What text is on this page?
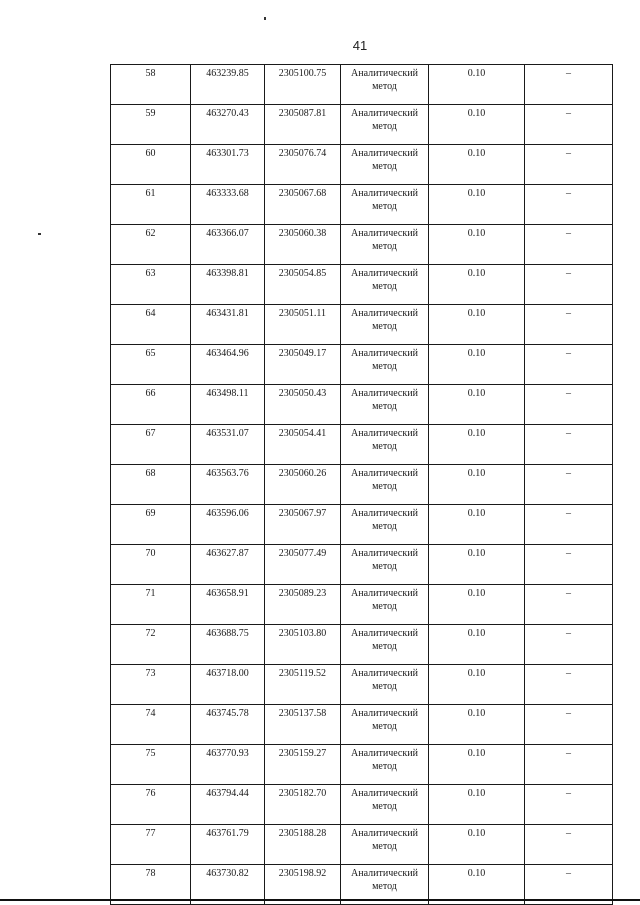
41
58	463239.85	2305100.75	Аналитический метод	0.10	–
59	463270.43	2305087.81	Аналитический метод	0.10	–
60	463301.73	2305076.74	Аналитический метод	0.10	–
61	463333.68	2305067.68	Аналитический метод	0.10	–
62	463366.07	2305060.38	Аналитический метод	0.10	–
63	463398.81	2305054.85	Аналитический метод	0.10	–
64	463431.81	2305051.11	Аналитический метод	0.10	–
65	463464.96	2305049.17	Аналитический метод	0.10	–
66	463498.11	2305050.43	Аналитический метод	0.10	–
67	463531.07	2305054.41	Аналитический метод	0.10	–
68	463563.76	2305060.26	Аналитический метод	0.10	–
69	463596.06	2305067.97	Аналитический метод	0.10	–
70	463627.87	2305077.49	Аналитический метод	0.10	–
71	463658.91	2305089.23	Аналитический метод	0.10	–
72	463688.75	2305103.80	Аналитический метод	0.10	–
73	463718.00	2305119.52	Аналитический метод	0.10	–
74	463745.78	2305137.58	Аналитический метод	0.10	–
75	463770.93	2305159.27	Аналитический метод	0.10	–
76	463794.44	2305182.70	Аналитический метод	0.10	–
77	463761.79	2305188.28	Аналитический метод	0.10	–
78	463730.82	2305198.92	Аналитический метод	0.10	–
